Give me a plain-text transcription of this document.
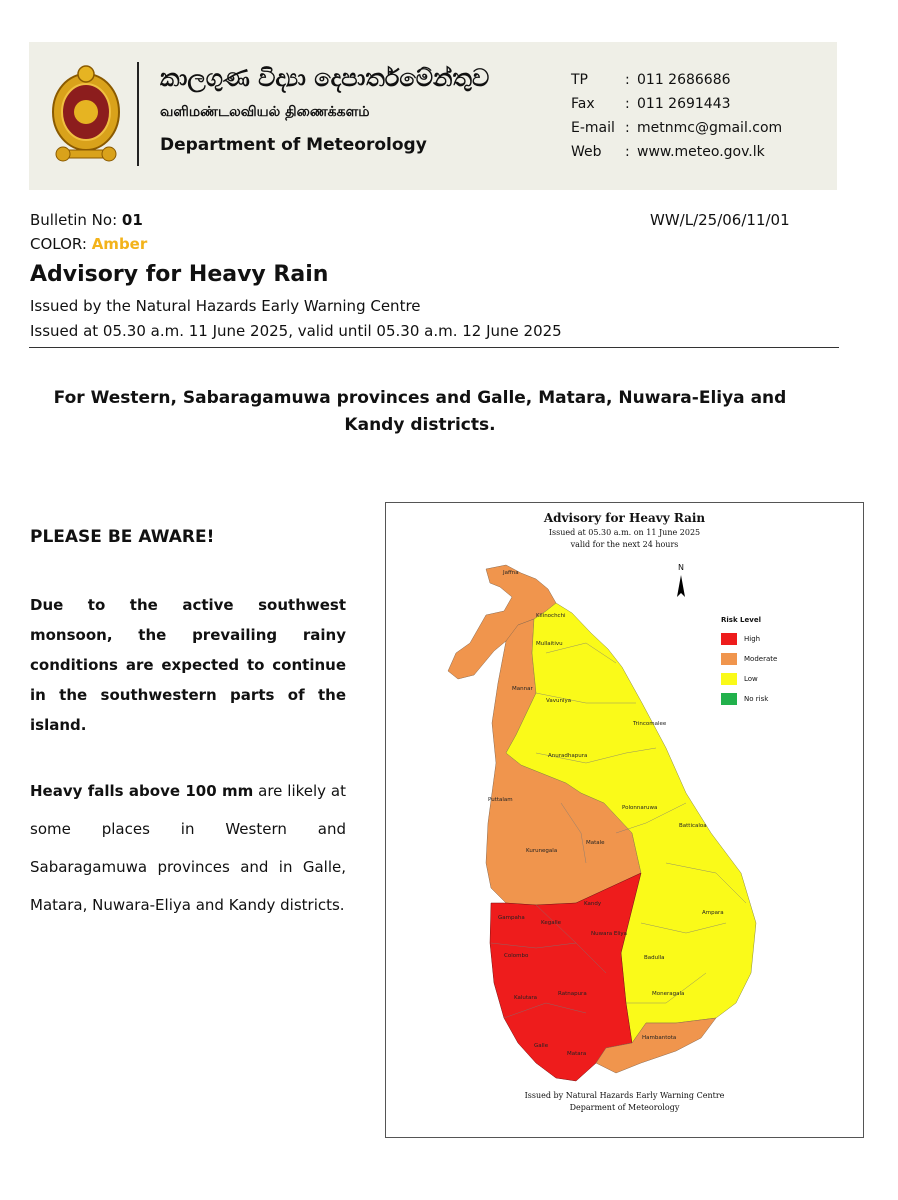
කාලගුණ විද්‍යා දෙපාර්තමේන්තුව
வளிமண்டலவியல் திணைக்களம்
Department of Meteorology
TP	: 011 2686686
Fax	: 011 2691443
E-mail : metnmc@gmail.com
Web	: www.meteo.gov.lk
Bulletin No: 01
COLOR: Amber
WW/L/25/06/11/01
Advisory for Heavy Rain
Issued by the Natural Hazards Early Warning Centre
Issued at 05.30 a.m. 11 June 2025, valid until 05.30 a.m. 12 June 2025
For Western, Sabaragamuwa provinces and Galle, Matara, Nuwara-Eliya and Kandy districts.
PLEASE BE AWARE!
Due to the active southwest monsoon, the prevailing rainy conditions are expected to continue in the southwestern parts of the island.
Heavy falls above 100 mm are likely at some places in Western and Sabaragamuwa provinces and in Galle, Matara, Nuwara-Eliya and Kandy districts.
Advisory for Heavy Rain
Issued at 05.30 a.m. on 11 June 2025
valid for the next 24 hours
N
Jaffna
Kilinochchi
Mullaitivu
Mannar
Vavuniya
Trincomalee
Anuradhapura
Puttalam
Polonnaruwa
Batticaloa
Kurunegala
Matale
Kandy
Gampaha
Kegalle
Nuwara Eliya
Ampara
Colombo	Badulla
Kalutara
Ratnapura	Moneragala
Galle
Matara
Hambantota
Risk Level
High
Moderate
Low
No risk
Issued by Natural Hazards Early Warning Centre
Deparment of Meteorology
